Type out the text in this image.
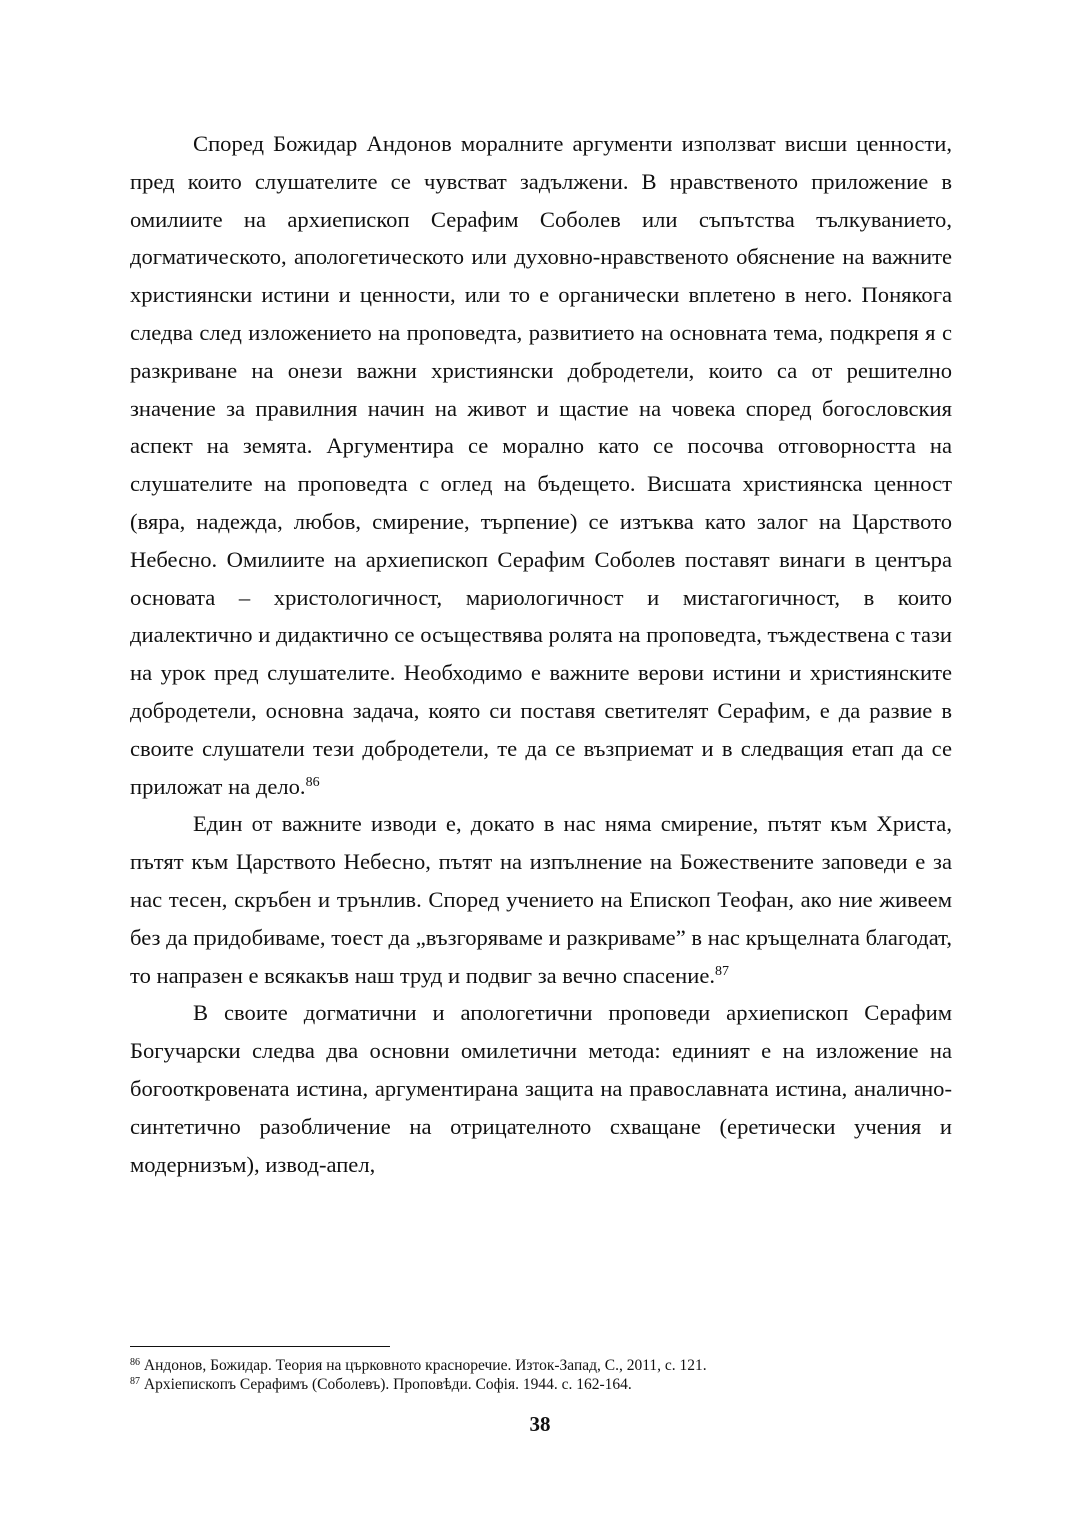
Според Божидар Андонов моралните аргументи използват висши ценности, пред които слушателите се чувстват задължени. В нравственото приложение в омилиите на архиепископ Серафим Соболев или съпътства тълкуванието, догматическото, апологетическото или духовно-нравственото обяснение на важните християнски истини и ценности, или то е органически вплетено в него. Понякога следва след изложението на проповедта, развитието на основната тема, подкрепя я с разкриване на онези важни християнски добродетели, които са от решително значение за правилния начин на живот и щастие на човека според богословския аспект на земята. Аргументира се морално като се посочва отговорността на слушателите на проповедта с оглед на бъдещето. Висшата християнска ценност (вяра, надежда, любов, смирение, търпение) се изтъква като залог на Царството Небесно. Омилиите на архиепископ Серафим Соболев поставят винаги в центъра основата – христологичност, мариологичност и мистагогичност, в които диалектично и дидактично се осъществява ролята на проповедта, тъждествена с тази на урок пред слушателите. Необходимо е важните верови истини и християнските добродетели, основна задача, която си поставя светителят Серафим, е да развие в своите слушатели тези добродетели, те да се възприемат и в следващия етап да се приложат на дело.$^{86}$

Един от важните изводи е, докато в нас няма смирение, пътят към Христа, пътят към Царството Небесно, пътят на изпълнение на Божествените заповеди е за нас тесен, скръбен и трънлив. Според учението на Епископ Теофан, ако ние живеем без да придобиваме, тоест да „възгоряваме и разкриваме” в нас кръщелната благодат, то напразен е всякакъв наш труд и подвиг за вечно спасение.$^{87}$

В своите догматични и апологетични проповеди архиепископ Серафим Богучарски следва два основни омилетични метода: единият е на изложение на богооткровената истина, аргументирана защита на православната истина, аналично-синтетично разобличение на отрицателното схващане (еретически учения и модернизъм), извод-апел,

$^{86}$ Андонов, Божидар. Теория на църковното красноречие. Изток-Запад, С., 2011, с. 121.

$^{87}$ Архіепископъ Серафимъ (Соболевъ). Проповѣди. Софія. 1944. с. 162-164.

38
